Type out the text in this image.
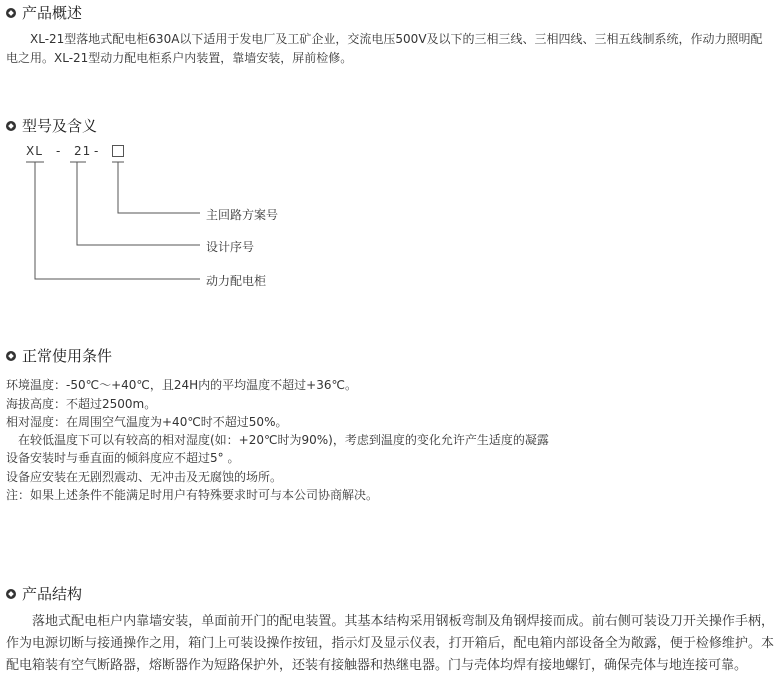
产品概述
XL-21型落地式配电柜630A以下适用于发电厂及工矿企业，交流电压500V及以下的三相三线、三相四线、三相五线制系统，作动力照明配电之用。XL-21型动力配电柜系户内装置，靠墙安装，屏前检修。
型号及含义
XL - 21 -
主回路方案号
设计序号
动力配电柜
正常使用条件
环境温度：-50℃～+40℃，且24H内的平均温度不超过+36℃。
海拔高度：不超过2500m。
相对湿度：在周围空气温度为+40℃时不超过50%。
　在较低温度下可以有较高的相对湿度(如：+20℃时为90%)，考虑到温度的变化允许产生适度的凝露
设备安装时与垂直面的倾斜度应不超过5° 。
设备应安装在无剧烈震动、无冲击及无腐蚀的场所。
注：如果上述条件不能满足时用户有特殊要求时可与本公司协商解决。
产品结构
落地式配电柜户内靠墙安装，单面前开门的配电装置。其基本结构采用钢板弯制及角钢焊接而成。前右侧可装设刀开关操作手柄，作为电源切断与接通操作之用，箱门上可装设操作按钮，指示灯及显示仪表，打开箱后，配电箱内部设备全为敞露，便于检修维护。本配电箱装有空气断路器，熔断器作为短路保护外，还装有接触器和热继电器。门与壳体均焊有接地螺钉，确保壳体与地连接可靠。
